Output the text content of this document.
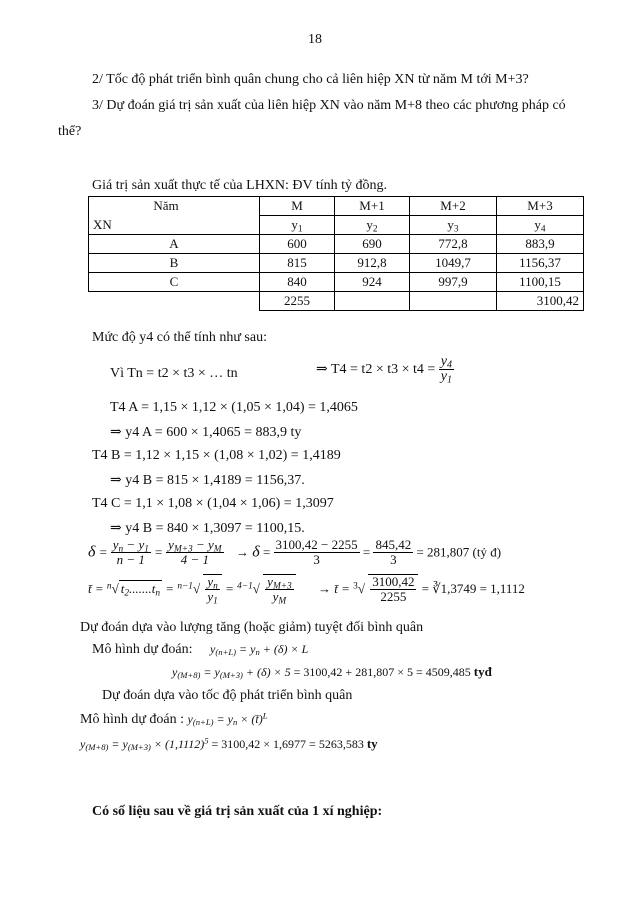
18
2/ Tốc độ phát triển bình quân chung cho cả liên hiệp XN từ năm M tới M+3?
3/ Dự đoán giá trị sản xuất của liên hiệp XN vào năm M+8 theo các phương pháp có
thể?
Giá trị sản xuất thực tế của LHXN: ĐV tính tỷ đồng.
Năm	M	M+1	M+2	M+3
XN	$y_1$	$y_2$	$y_3$	$y_4$
A	600	690	772,8	883,9
B	815	912,8	1049,7	1156,37
C	840	924	997,9	1100,15
	2255			3100,42
Mức độ y4 có thể tính như sau:
Vì Tn = t2 × t3 × … tn	⇒ $T4 = t2 \times t3 \times t4 = \frac{y_4}{y_1}$
T4 A = 1,15 × 1,12 × (1,05 × 1,04) = 1,4065
⇒ y4 A = 600 × 1,4065 = 883,9 ty
T4 B = 1,12 × 1,15 × (1,08 × 1,02) = 1,4189
⇒ y4 B = 815 × 1,4189 = 1156,37.
T4 C = 1,1 × 1,08 × (1,04 × 1,06) = 1,3097
⇒ y4 B = 840 × 1,3097 = 1100,15.
$\delta = \frac{y_n - y_1}{n - 1} = \frac{y_{M+3} - y_M}{4 - 1} \to \delta = \frac{3100,42 - 2255}{3} = \frac{845,42}{3} = 281,807$ (tỷ đ)
t̄ = $^n$√ $t_2.......t_n = ^{n-1}√ \frac{y_n}{y_1} = ^{4-1}√ \frac{y_{M+3}}{y_M}$ → t̄ = $^3√ \frac{3100,42}{2255}$ = ∛1,3749 = 1,1112
Dự đoán dựa vào lượng tăng (hoặc giảm) tuyệt đối bình quân
Mô hình dự đoán: $y_{(n+L)} = y_n + (\delta) \times L$
$y_{(M+8)} = y_{(M+3)} + (\delta) \times 5 = 3100,42 + 281,807 \times 5 = 4509,485$ tyđ
Dự đoán dựa vào tốc độ phát triển bình quân
Mô hình dự đoán : $y_{(n+L)} = y_n$ × (t̄)$^L$
$y_{(M+8)} = y_{(M+3)} \times (1,1112)^5 = 3100,42 \times 1,6977 = 5263,583$ ty
Có số liệu sau về giá trị sản xuất của 1 xí nghiệp:
